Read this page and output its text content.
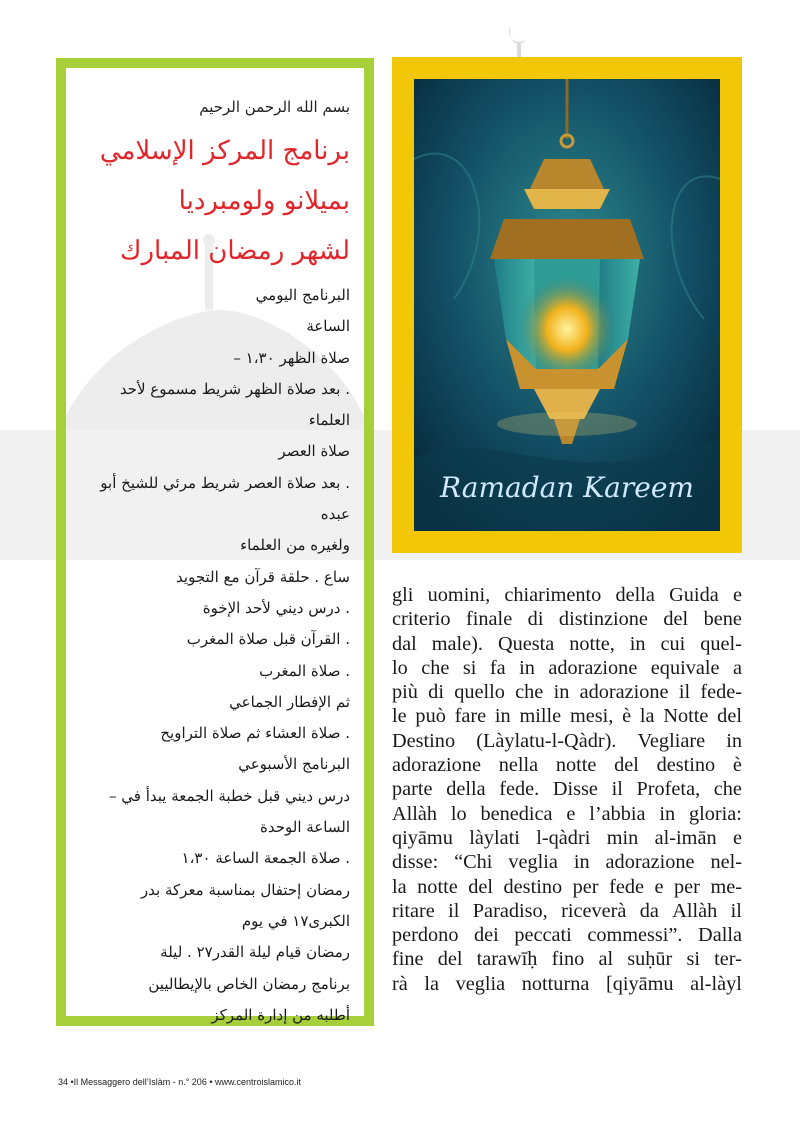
بسم الله الرحمن الرحيم

برنامج المركز الإسلامي
بميلانو ولومبرديا
لشهر رمضان المبارك
البرنامج اليومي
الساعة
صلاة الظهر ١،٣٠ –
. بعد صلاة الظهر شريط مسموع لأحد
العلماء
صلاة العصر
. بعد صلاة العصر شريط مرئي للشيخ أبو
عبده
ولغيره من العلماء
ساع . حلقة قرآن مع التجويد
. درس ديني لأحد الإخوة
. القرآن قبل صلاة المغرب
. صلاة المغرب
ثم الإفطار الجماعي
. صلاة العشاء ثم صلاة التراويح
البرنامج الأسبوعي
درس ديني قبل خطبة الجمعة يبدأ في –
الساعة الوحدة
. صلاة الجمعة الساعة ١،٣٠
رمضان إحتفال بمناسبة معركة بدر
الكبرى١٧ في يوم
رمضان قيام ليلة القدر٢٧ . ليلة
برنامج رمضان الخاص بالإيطاليين
أطلبه من إدارة المركز
Ramadan Kareem

gli uomini, chiarimento della Guida e

criterio finale di distinzione del bene

dal male). Questa notte, in cui quel-

lo che si fa in adorazione equivale a

più di quello che in adorazione il fede-

le può fare in mille mesi, è la Notte del

Destino (Làylatu-l-Qàdr). Vegliare in

adorazione nella notte del destino è

parte della fede. Disse il Profeta, che

Allàh lo benedica e l’abbia in gloria:

qiyāmu làylati l-qàdri min al-imān e

disse: “Chi veglia in adorazione nel-

la notte del destino per fede e per me-

ritare il Paradiso, riceverà da Allàh il

perdono dei peccati commessi”. Dalla

fine del tarawīḥ fino al suḥūr si ter-

rà la veglia notturna [qiyāmu al-làyl

34 •Il Messaggero dell’Islàm - n.° 206 • www.centroislamico.it
